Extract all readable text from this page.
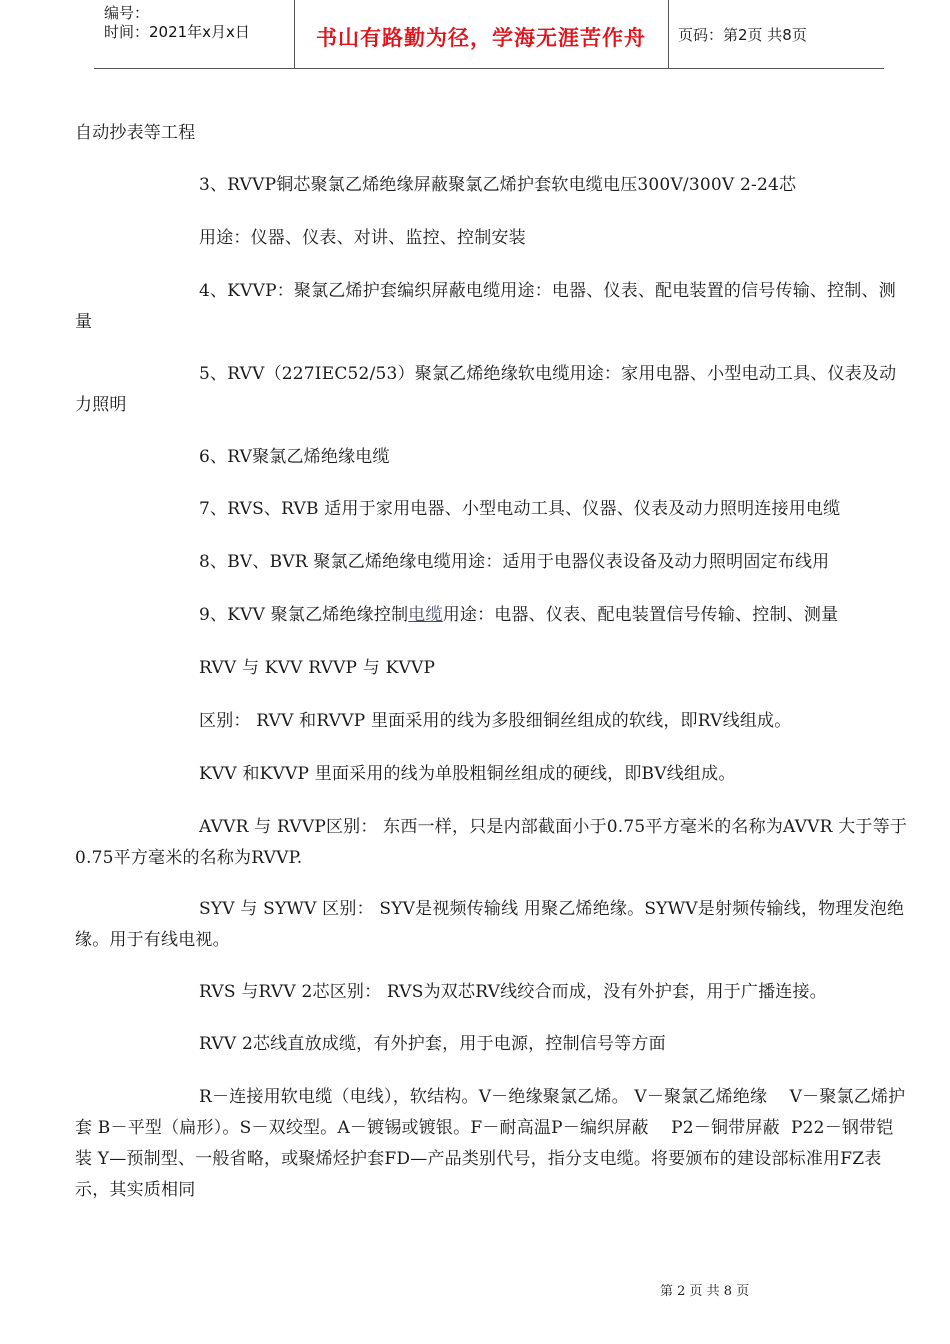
编号：
时间：2021年x月x日	书山有路勤为径，学海无涯苦作舟	页码：第2页 共8页
自动抄表等工程
3、RVVP铜芯聚氯乙烯绝缘屏蔽聚氯乙烯护套软电缆电压300V/300V 2-24芯
用途：仪器、仪表、对讲、监控、控制安装
4、KVVP：聚氯乙烯护套编织屏蔽电缆用途：电器、仪表、配电装置的信号传输、控制、测量
5、RVV（227IEC52/53）聚氯乙烯绝缘软电缆用途：家用电器、小型电动工具、仪表及动力照明
6、RV聚氯乙烯绝缘电缆
7、RVS、RVB 适用于家用电器、小型电动工具、仪器、仪表及动力照明连接用电缆
8、BV、BVR 聚氯乙烯绝缘电缆用途：适用于电器仪表设备及动力照明固定布线用
9、KVV 聚氯乙烯绝缘控制电缆用途：电器、仪表、配电装置信号传输、控制、测量
RVV 与 KVV RVVP 与 KVVP
区别： RVV 和RVVP 里面采用的线为多股细铜丝组成的软线，即RV线组成。
KVV 和KVVP 里面采用的线为单股粗铜丝组成的硬线，即BV线组成。
AVVR 与 RVVP区别： 东西一样，只是内部截面小于0.75平方毫米的名称为AVVR 大于等于0.75平方毫米的名称为RVVP.
SYV 与 SYWV 区别： SYV是视频传输线 用聚乙烯绝缘。SYWV是射频传输线，物理发泡绝缘。用于有线电视。
RVS 与RVV 2芯区别： RVS为双芯RV线绞合而成，没有外护套，用于广播连接。
RVV 2芯线直放成缆，有外护套，用于电源，控制信号等方面
R－连接用软电缆（电线），软结构。V－绝缘聚氯乙烯。 V－聚氯乙烯绝缘    V－聚氯乙烯护套 B－平型（扁形）。S－双绞型。A－镀锡或镀银。F－耐高温P－编织屏蔽    P2－铜带屏蔽  P22－钢带铠装 Y—预制型、一般省略，或聚烯烃护套FD—产品类别代号，指分支电缆。将要颁布的建设部标准用FZ表示，其实质相同
第 2 页 共 8 页
